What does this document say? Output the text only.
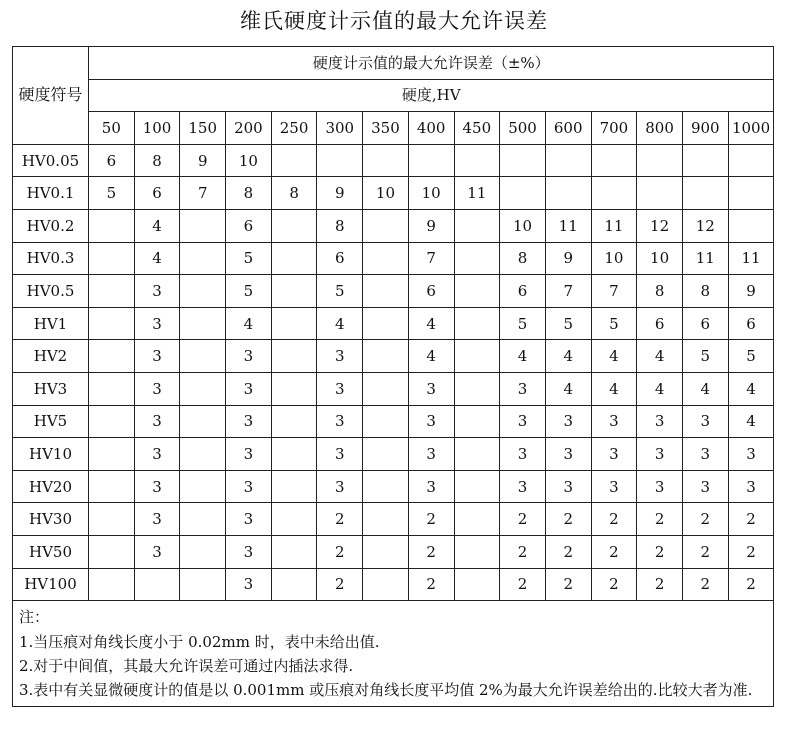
维氏硬度计示值的最大允许误差
硬度符号	硬度计示值的最大允许误差（±%）														
	硬度,HV														
	50	100	150	200	250	300	350	400	450	500	600	700	800	900	1000
HV0.05	6	8	9	10											
HV0.1	5	6	7	8	8	9	10	10	11						
HV0.2		4		6		8		9		10	11	11	12	12	
HV0.3		4		5		6		7		8	9	10	10	11	11
HV0.5		3		5		5		6		6	7	7	8	8	9
HV1		3		4		4		4		5	5	5	6	6	6
HV2		3		3		3		4		4	4	4	4	5	5
HV3		3		3		3		3		3	4	4	4	4	4
HV5		3		3		3		3		3	3	3	3	3	4
HV10		3		3		3		3		3	3	3	3	3	3
HV20		3		3		3		3		3	3	3	3	3	3
HV30		3		3		2		2		2	2	2	2	2	2
HV50		3		3		2		2		2	2	2	2	2	2
HV100				3		2		2		2	2	2	2	2	2

注：
1.当压痕对角线长度小于 0.02mm 时，表中未给出值.
2.对于中间值，其最大允许误差可通过内插法求得.
3.表中有关显微硬度计的值是以 0.001mm 或压痕对角线长度平均值 2%为最大允许误差给出的.比较大者为准.															
